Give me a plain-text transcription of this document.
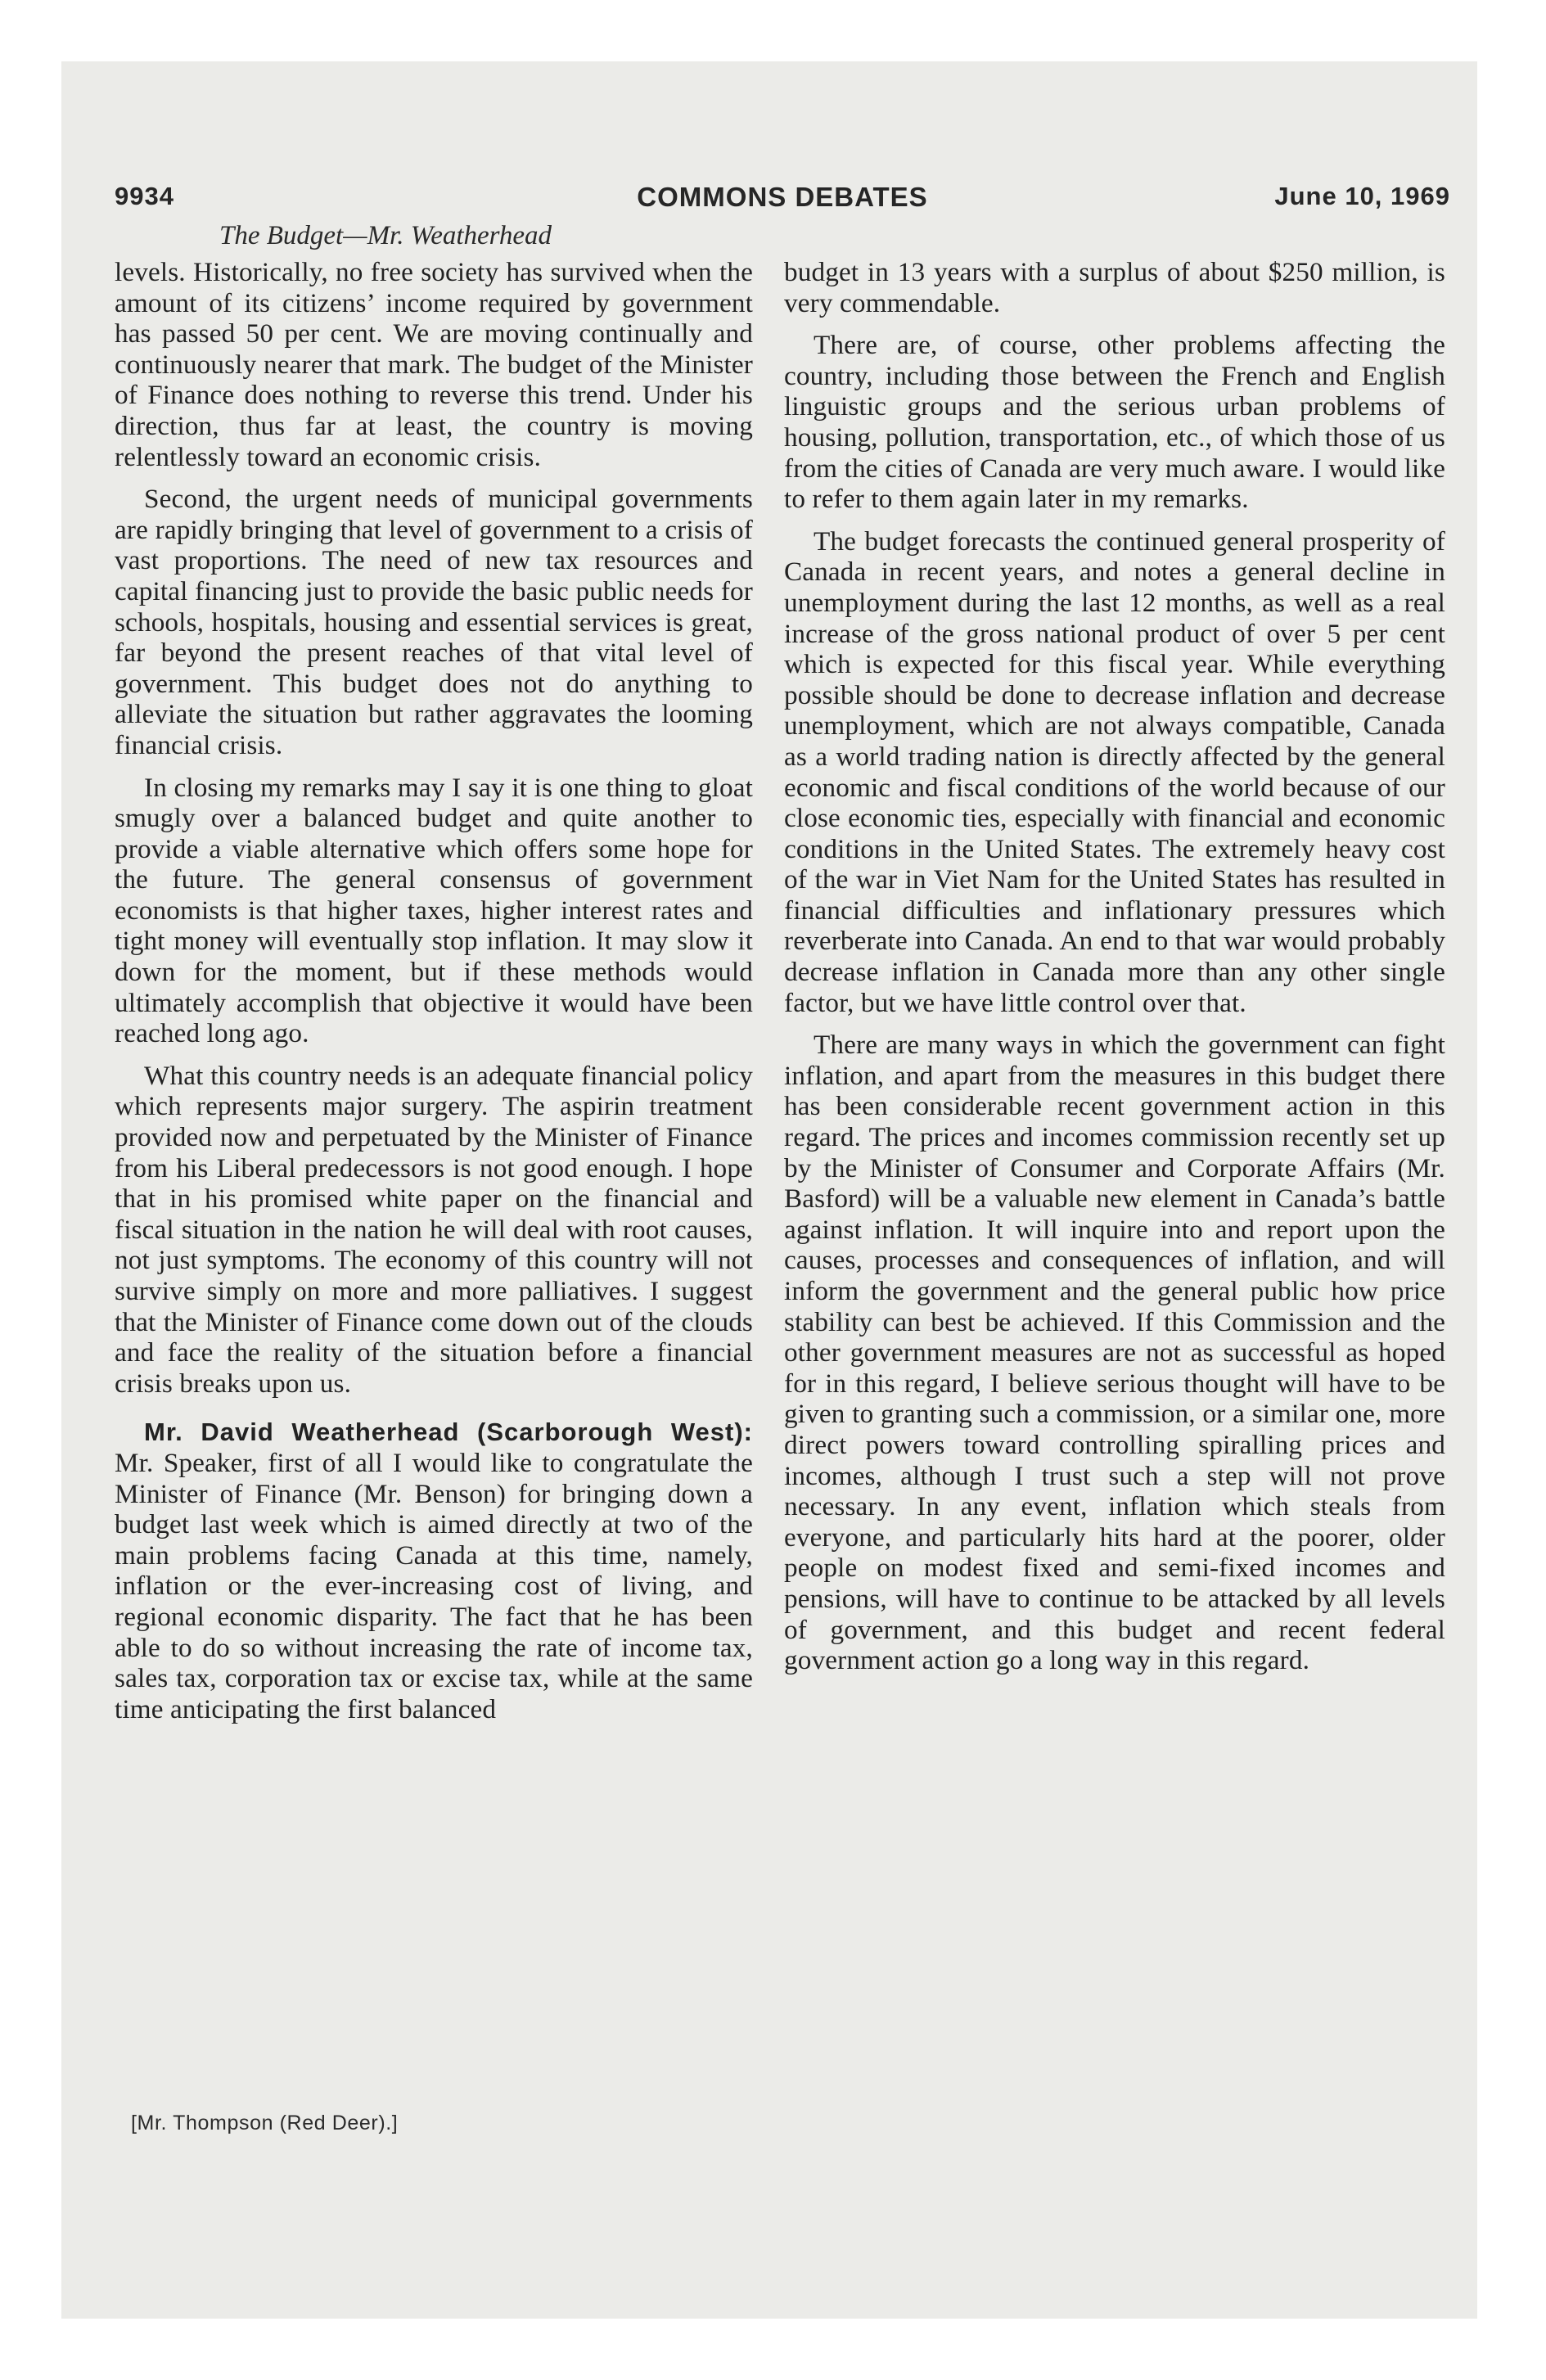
9934	COMMONS DEBATES	June 10, 1969
The Budget—Mr. Weatherhead

levels. Historically, no free society has survived when the amount of its citizens’ income required by government has passed 50 per cent. We are moving continually and continuously nearer that mark. The budget of the Minister of Finance does nothing to reverse this trend. Under his direction, thus far at least, the country is moving relentlessly toward an economic crisis.

Second, the urgent needs of municipal governments are rapidly bringing that level of government to a crisis of vast proportions. The need of new tax resources and capital financing just to provide the basic public needs for schools, hospitals, housing and essential services is great, far beyond the present reaches of that vital level of government. This budget does not do anything to alleviate the situation but rather aggravates the looming financial crisis.

In closing my remarks may I say it is one thing to gloat smugly over a balanced budget and quite another to provide a viable alternative which offers some hope for the future. The general consensus of government economists is that higher taxes, higher interest rates and tight money will eventually stop inflation. It may slow it down for the moment, but if these methods would ultimately accomplish that objective it would have been reached long ago.

What this country needs is an adequate financial policy which represents major surgery. The aspirin treatment provided now and perpetuated by the Minister of Finance from his Liberal predecessors is not good enough. I hope that in his promised white paper on the financial and fiscal situation in the nation he will deal with root causes, not just symptoms. The economy of this country will not survive simply on more and more palliatives. I suggest that the Minister of Finance come down out of the clouds and face the reality of the situation before a financial crisis breaks upon us.

Mr. David Weatherhead (Scarborough West): Mr. Speaker, first of all I would like to congratulate the Minister of Finance (Mr. Benson) for bringing down a budget last week which is aimed directly at two of the main problems facing Canada at this time, namely, inflation or the ever-increasing cost of living, and regional economic disparity. The fact that he has been able to do so without increasing the rate of income tax, sales tax, corporation tax or excise tax, while at the same time anticipating the first balanced

budget in 13 years with a surplus of about $250 million, is very commendable.

There are, of course, other problems affecting the country, including those between the French and English linguistic groups and the serious urban problems of housing, pollution, transportation, etc., of which those of us from the cities of Canada are very much aware. I would like to refer to them again later in my remarks.

The budget forecasts the continued general prosperity of Canada in recent years, and notes a general decline in unemployment during the last 12 months, as well as a real increase of the gross national product of over 5 per cent which is expected for this fiscal year. While everything possible should be done to decrease inflation and decrease unemployment, which are not always compatible, Canada as a world trading nation is directly affected by the general economic and fiscal conditions of the world because of our close economic ties, especially with financial and economic conditions in the United States. The extremely heavy cost of the war in Viet Nam for the United States has resulted in financial difficulties and inflationary pressures which reverberate into Canada. An end to that war would probably decrease inflation in Canada more than any other single factor, but we have little control over that.

There are many ways in which the government can fight inflation, and apart from the measures in this budget there has been considerable recent government action in this regard. The prices and incomes commission recently set up by the Minister of Consumer and Corporate Affairs (Mr. Basford) will be a valuable new element in Canada’s battle against inflation. It will inquire into and report upon the causes, processes and consequences of inflation, and will inform the government and the general public how price stability can best be achieved. If this Commission and the other government measures are not as successful as hoped for in this regard, I believe serious thought will have to be given to granting such a commission, or a similar one, more direct powers toward controlling spiralling prices and incomes, although I trust such a step will not prove necessary. In any event, inflation which steals from everyone, and particularly hits hard at the poorer, older people on modest fixed and semi-fixed incomes and pensions, will have to continue to be attacked by all levels of government, and this budget and recent federal government action go a long way in this regard.

[Mr. Thompson (Red Deer).]
